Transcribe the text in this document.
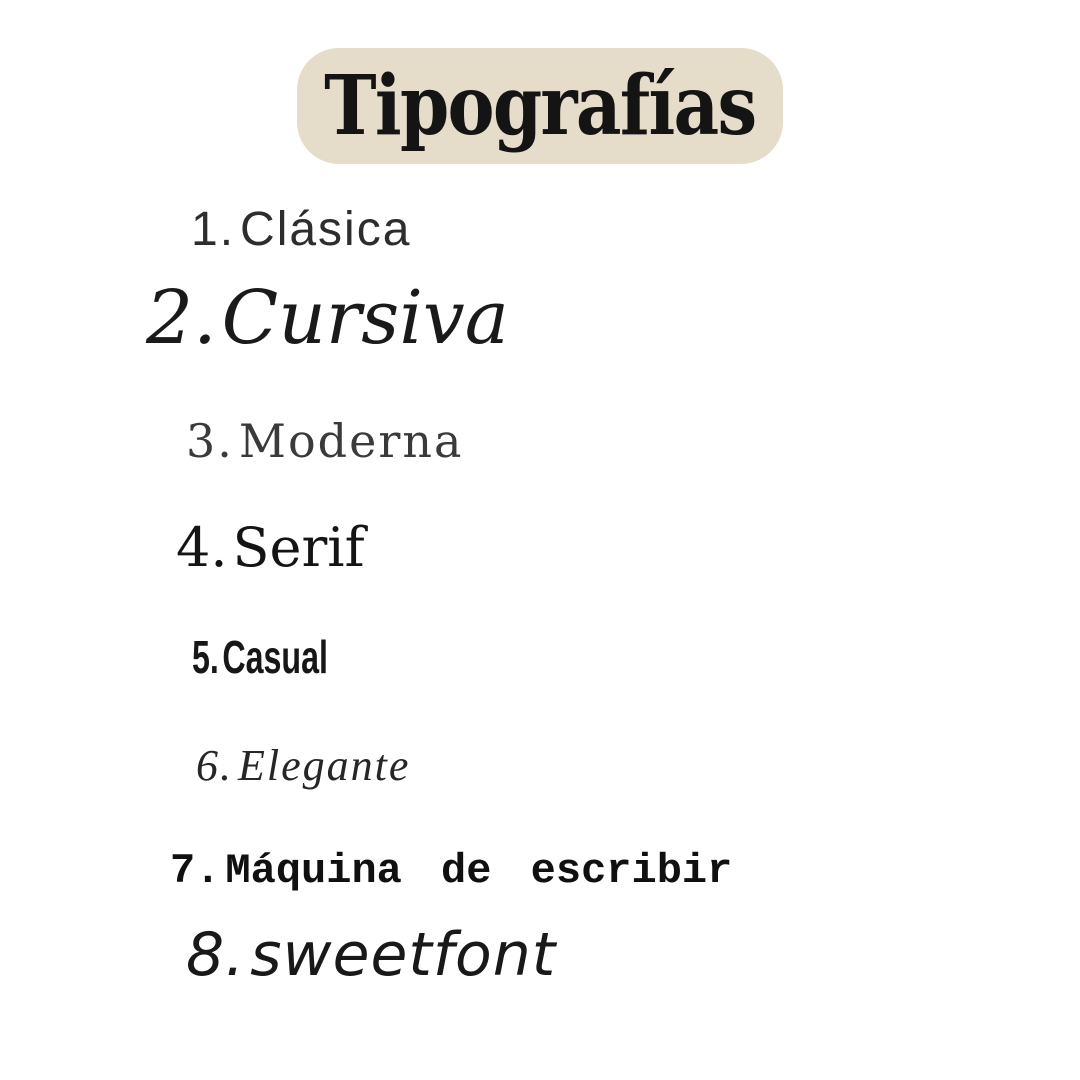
Tipografías
1. Clásica
2.Cursiva
3. Moderna
4.Serif
5.Casual
6. Elegante
7. Máquina de escribir
8.sweetfont
